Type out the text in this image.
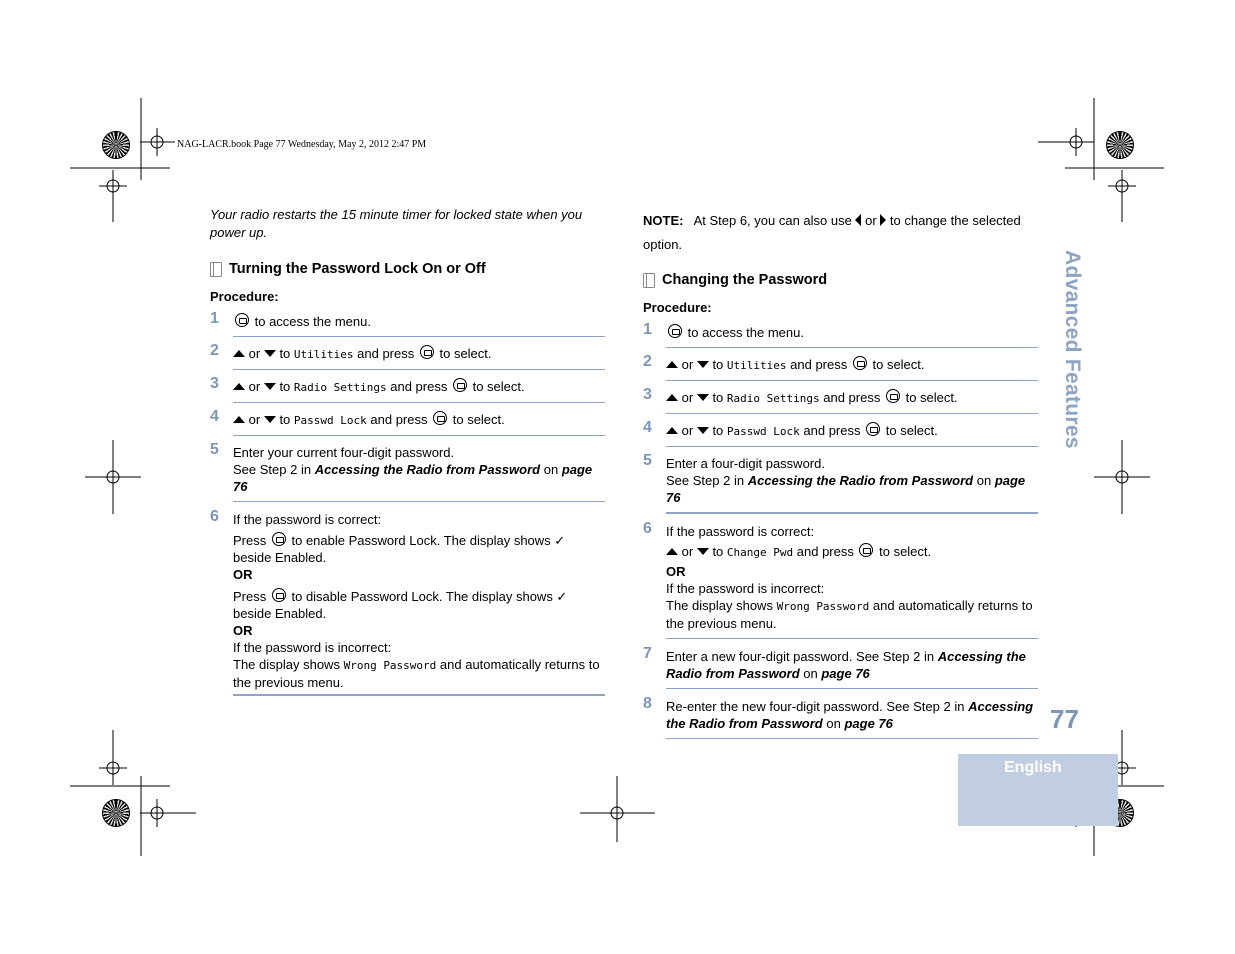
NAG-LACR.book Page 77 Wednesday, May 2, 2012 2:47 PM
Your radio restarts the 15 minute timer for locked state when you power up.
Turning the Password Lock On or Off
Procedure:
1	to access the menu.
2	or to Utilities and press to select.
3	or to Radio Settings and press to select.
4	or to Passwd Lock and press to select.
5 Enter your current four-digit password.
See Step 2 in Accessing the Radio from Password on page 76
6 If the password is correct:
Press to enable Password Lock. The display shows ✓ beside Enabled.
OR
Press to disable Password Lock. The display shows ✓ beside Enabled.
OR
If the password is incorrect:
The display shows Wrong Password and automatically returns to the previous menu.
NOTE: At Step 6, you can also use or to change the selected option.
Changing the Password
Procedure:
1	to access the menu.
2	or to Utilities and press to select.
3	or to Radio Settings and press to select.
4	or to Passwd Lock and press to select.
5 Enter a four-digit password.
See Step 2 in Accessing the Radio from Password on page 76
6 If the password is correct:
or to Change Pwd and press to select.
OR
If the password is incorrect:
The display shows Wrong Password and automatically returns to the previous menu.
7 Enter a new four-digit password. See Step 2 in Accessing the Radio from Password on page 76
8 Re-enter the new four-digit password. See Step 2 in Accessing the Radio from Password on page 76
Advanced Features
77
English
